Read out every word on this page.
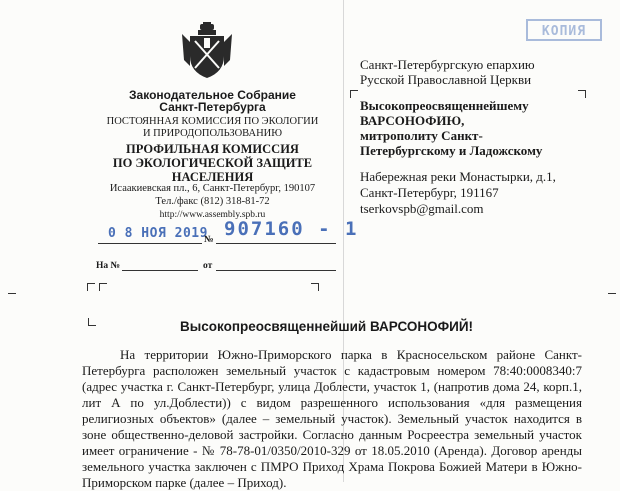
КОПИЯ
Законодательное Собрание
Санкт-Петербурга
ПОСТОЯННАЯ КОМИССИЯ ПО ЭКОЛОГИИ
И ПРИРОДОПОЛЬЗОВАНИЮ
ПРОФИЛЬНАЯ КОМИССИЯ
ПО ЭКОЛОГИЧЕСКОЙ ЗАЩИТЕ
НАСЕЛЕНИЯ
Исаакиевская пл., 6, Санкт-Петербург, 190107
Тел./факс (812) 318-81-72
http://www.assembly.spb.ru
0 8 НОЯ 2019
№ 907160 - 1
На №	от
Санкт-Петербургскую епархию
Русской Православной Церкви
Высокопреосвященнейшему
ВАРСОНОФИЮ,
митрополиту Санкт-
Петербургскому и Ладожскому
Набережная реки Монастырки, д.1,
Санкт-Петербург, 191167
tserkovspb@gmail.com
Высокопреосвященнейший ВАРСОНОФИЙ!

На территории Южно-Приморского парка в Красносельском районе Санкт-Петербурга расположен земельный участок с кадастровым номером 78:40:0008340:7 (адрес участка г. Санкт-Петербург, улица Доблести, участок 1, (напротив дома 24, корп.1, лит А по ул.Доблести)) с видом разрешенного использования «для размещения религиозных объектов» (далее – земельный участок). Земельный участок находится в зоне общественно-деловой застройки. Согласно данным Росреестра земельный участок имеет ограничение - № 78-78-01/0350/2010-329 от 18.05.2010 (Аренда). Договор аренды земельного участка заключен с ПМРО Приход Храма Покрова Божией Матери в Южно-Приморском парке (далее – Приход).
